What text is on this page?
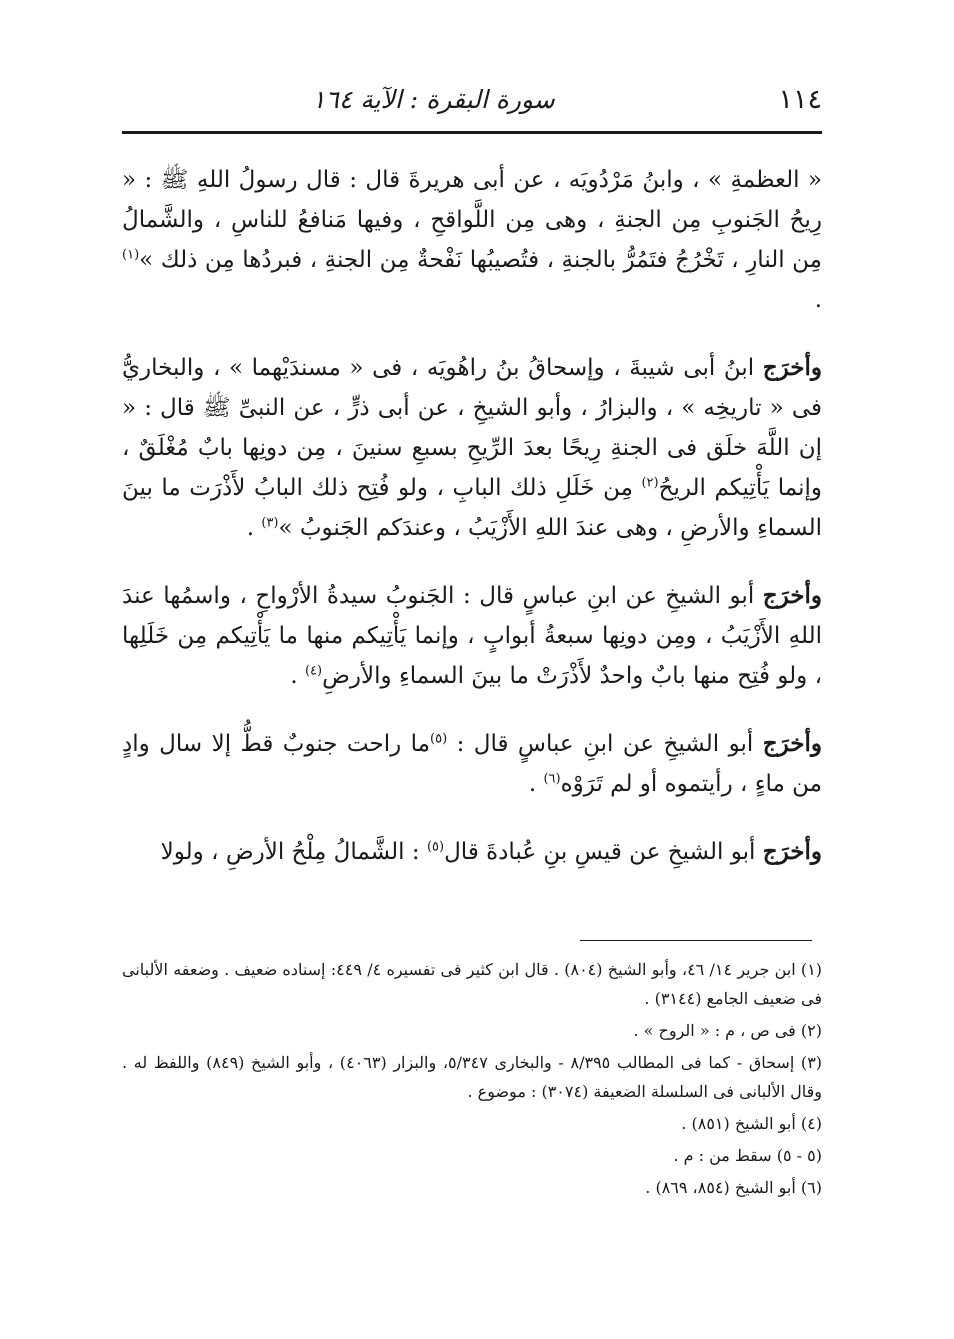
١١٤
سورة البقرة : الآية ١٦٤

« العظمةِ » ، وابنُ مَرْدُويَه ، عن أبى هريرةَ قال : قال رسولُ اللهِ ﷺ : « رِيحُ الجَنوبِ مِن الجنةِ ، وهى مِن اللَّواقحِ ، وفيها مَنافعُ للناسِ ، والشَّمالُ مِن النارِ ، تَخْرُجُ فتَمُرُّ بالجنةِ ، فتُصيبُها نَفْحةٌ مِن الجنةِ ، فبردُها مِن ذلك »$^{(١)}$ .

وأخرَج ابنُ أبى شيبةَ ، وإسحاقُ بنُ راهُويَه ، فى « مسندَيْهما » ، والبخاريُّ فى « تاريخِه » ، والبزارُ ، وأبو الشيخِ ، عن أبى ذرٍّ ، عن النبىِّ ﷺ قال : « إن اللَّهَ خلَق فى الجنةِ رِيحًا بعدَ الرِّيحِ بسبعِ سنينَ ، مِن دونِها بابٌ مُغْلَقٌ ، وإنما يَأْتِيكم الريحُ$^{(٢)}$ مِن خَلَلِ ذلك البابِ ، ولو فُتِح ذلك البابُ لأَذْرَت ما بينَ السماءِ والأرضِ ، وهى عندَ اللهِ الأَزْيَبُ ، وعندَكم الجَنوبُ »$^{(٣)}$ .

وأخرَج أبو الشيخِ عن ابنِ عباسٍ قال : الجَنوبُ سيدةُ الأرْواحِ ، واسمُها عندَ اللهِ الأَزْيَبُ ، ومِن دونِها سبعةُ أبوابٍ ، وإنما يَأْتِيكم منها ما يَأْتِيكم مِن خَلَلِها ، ولو فُتِح منها بابٌ واحدٌ لأَذْرَتْ ما بينَ السماءِ والأرضِ$^{(٤)}$ .

وأخرَج أبو الشيخِ عن ابنِ عباسٍ قال : $^{(٥)}$ما راحت جنوبٌ قطُّ إلا سال وادٍ من ماءٍ ، رأيتموه أو لم تَرَوْه$^{(٦)}$ .

وأخرَج أبو الشيخِ عن قيسِ بنِ عُبادةَ قال$^{(٥)}$ : الشَّمالُ مِلْحُ الأرضِ ، ولولا

(١) ابن جرير ١٤/ ٤٦، وأبو الشيخ (٨٠٤) . قال ابن كثير فى تفسيره ٤/ ٤٤٩: إسناده ضعيف . وضعفه الألبانى فى ضعيف الجامع (٣١٤٤) .

(٢) فى ص ، م : « الروح » .

(٣) إسحاق - كما فى المطالب ٨/٣٩٥ - والبخارى ٥/٣٤٧، والبزار (٤٠٦٣) ، وأبو الشيخ (٨٤٩) واللفظ له . وقال الألبانى فى السلسلة الضعيفة (٣٠٧٤) : موضوع .

(٤) أبو الشيخ (٨٥١) .

(٥ - ٥) سقط من : م .

(٦) أبو الشيخ (٨٥٤، ٨٦٩) .
